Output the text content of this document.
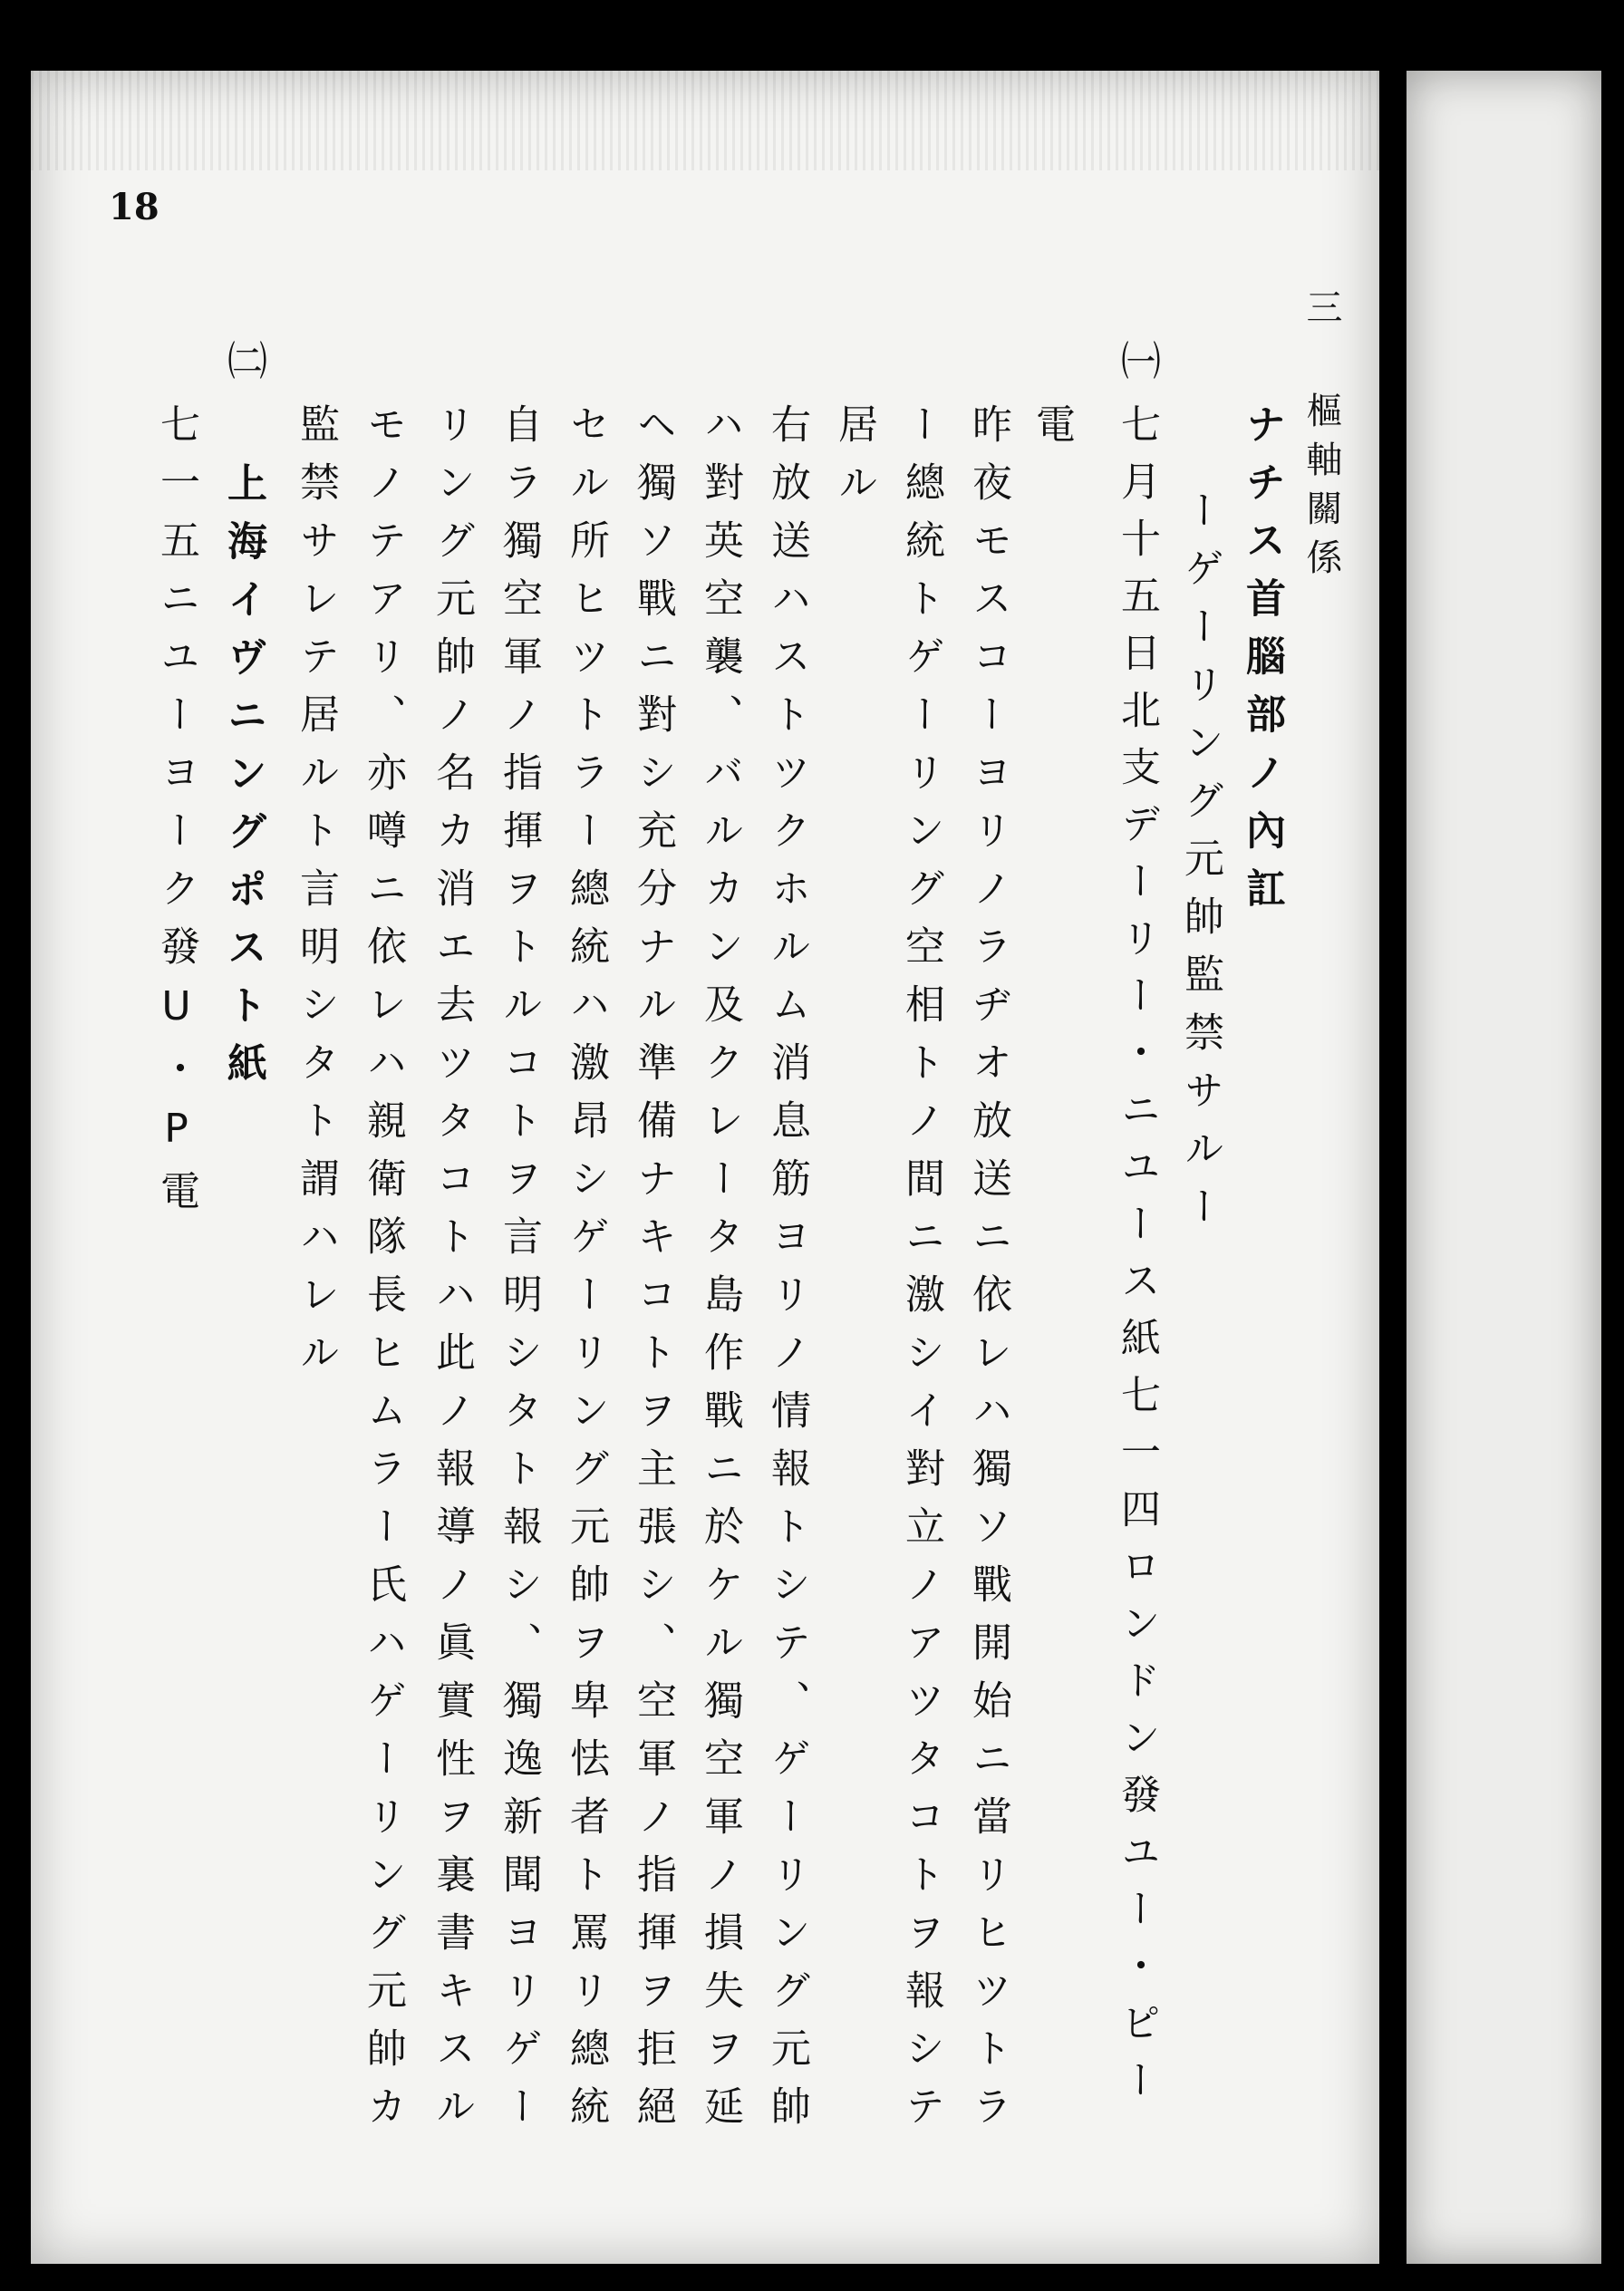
18
三 樞軸關係
ナチス首腦部ノ內訌
ーゲーリング元帥監禁サルー
㈠
七月十五日北支デーリー・ニユース紙七一四ロンドン發ユー・ピー
電
昨夜モスコーヨリノラヂオ放送ニ依レハ獨ソ戰開始ニ當リヒツトラ
ー總統トゲーリング空相トノ間ニ激シイ對立ノアツタコトヲ報シテ
居ル
右放送ハストツクホルム消息筋ヨリノ情報トシテ、ゲーリング元帥
ハ對英空襲、バルカン及クレータ島作戰ニ於ケル獨空軍ノ損失ヲ延
ヘ獨ソ戰ニ對シ充分ナル準備ナキコトヲ主張シ、空軍ノ指揮ヲ拒絕
セル所ヒツトラー總統ハ激昂シゲーリング元帥ヲ卑怯者ト罵リ總統
自ラ獨空軍ノ指揮ヲトルコトヲ言明シタト報シ、獨逸新聞ヨリゲー
リング元帥ノ名カ消エ去ツタコトハ此ノ報導ノ眞實性ヲ裏書キスル
モノテアリ、亦噂ニ依レハ親衛隊長ヒムラー氏ハゲーリング元帥カ
監禁サレテ居ルト言明シタト謂ハレル
㈡
上海イヴニングポスト紙
七一五ニユーヨーク發U・P電
